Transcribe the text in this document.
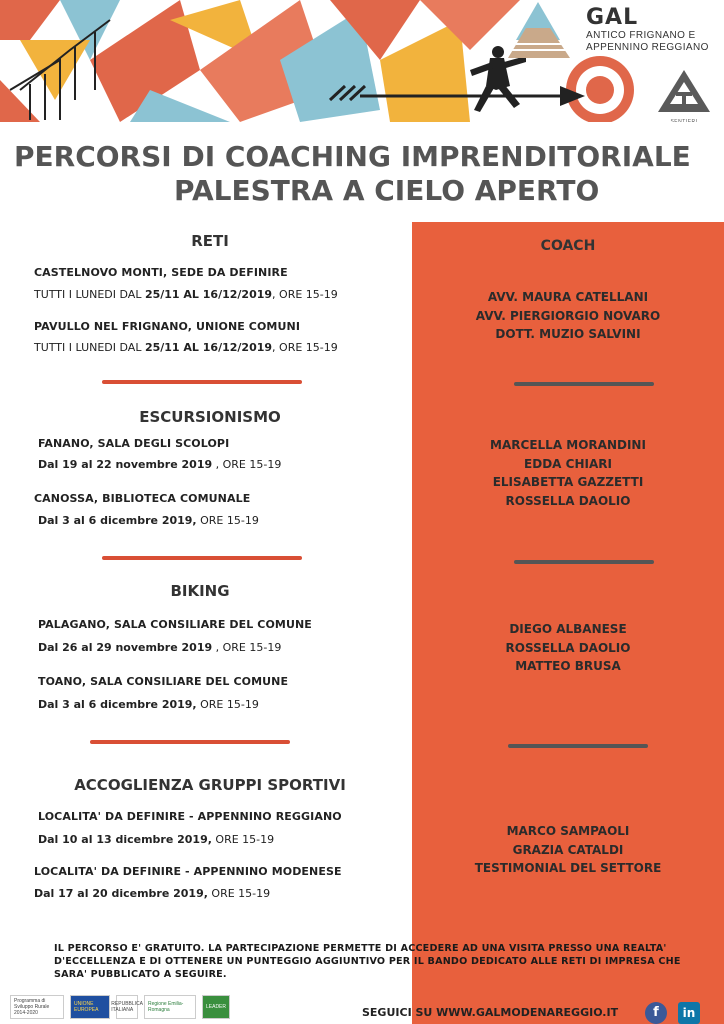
GAL
ANTICO FRIGNANO E
APPENNINO REGGIANO
SENTIERI
PERCORSI DI COACHING IMPRENDITORIALE
PALESTRA A CIELO APERTO
COACH
RETI
CASTELNOVO MONTI, SEDE DA DEFINIRE
TUTTI I LUNEDI DAL 25/11 AL 16/12/2019, ORE 15-19
PAVULLO NEL FRIGNANO, UNIONE COMUNI
TUTTI I LUNEDI DAL 25/11 AL 16/12/2019, ORE 15-19
AVV. MAURA CATELLANI
AVV. PIERGIORGIO NOVARO
DOTT. MUZIO SALVINI
ESCURSIONISMO
FANANO, SALA DEGLI SCOLOPI
Dal 19 al 22 novembre 2019 , ORE 15-19
CANOSSA, BIBLIOTECA COMUNALE
Dal 3 al 6 dicembre 2019, ORE 15-19
MARCELLA MORANDINI
EDDA CHIARI
ELISABETTA GAZZETTI
ROSSELLA DAOLIO
BIKING
PALAGANO, SALA CONSILIARE DEL COMUNE
Dal 26 al 29 novembre 2019 , ORE 15-19
TOANO, SALA CONSILIARE DEL COMUNE
Dal 3 al 6 dicembre 2019, ORE 15-19
DIEGO ALBANESE
ROSSELLA DAOLIO
MATTEO BRUSA
ACCOGLIENZA GRUPPI SPORTIVI
LOCALITA' DA DEFINIRE - APPENNINO REGGIANO
Dal 10 al 13 dicembre 2019, ORE 15-19
LOCALITA' DA DEFINIRE - APPENNINO MODENESE
Dal 17 al 20 dicembre 2019, ORE 15-19
MARCO SAMPAOLI
GRAZIA CATALDI
TESTIMONIAL DEL SETTORE
IL PERCORSO E' GRATUITO. LA PARTECIPAZIONE PERMETTE DI ACCEDERE AD UNA VISITA PRESSO UNA REALTA' D'ECCELLENZA E DI OTTENERE UN PUNTEGGIO AGGIUNTIVO PER IL BANDO DEDICATO ALLE RETI DI IMPRESA CHE SARA' PUBBLICATO A SEGUIRE.
Programma di Sviluppo Rurale 2014-2020
UNIONE EUROPEA
REPUBBLICA ITALIANA
Regione Emilia-Romagna	LEADER	SEGUICI SU WWW.GALMODENAREGGIO.IT	f	in
